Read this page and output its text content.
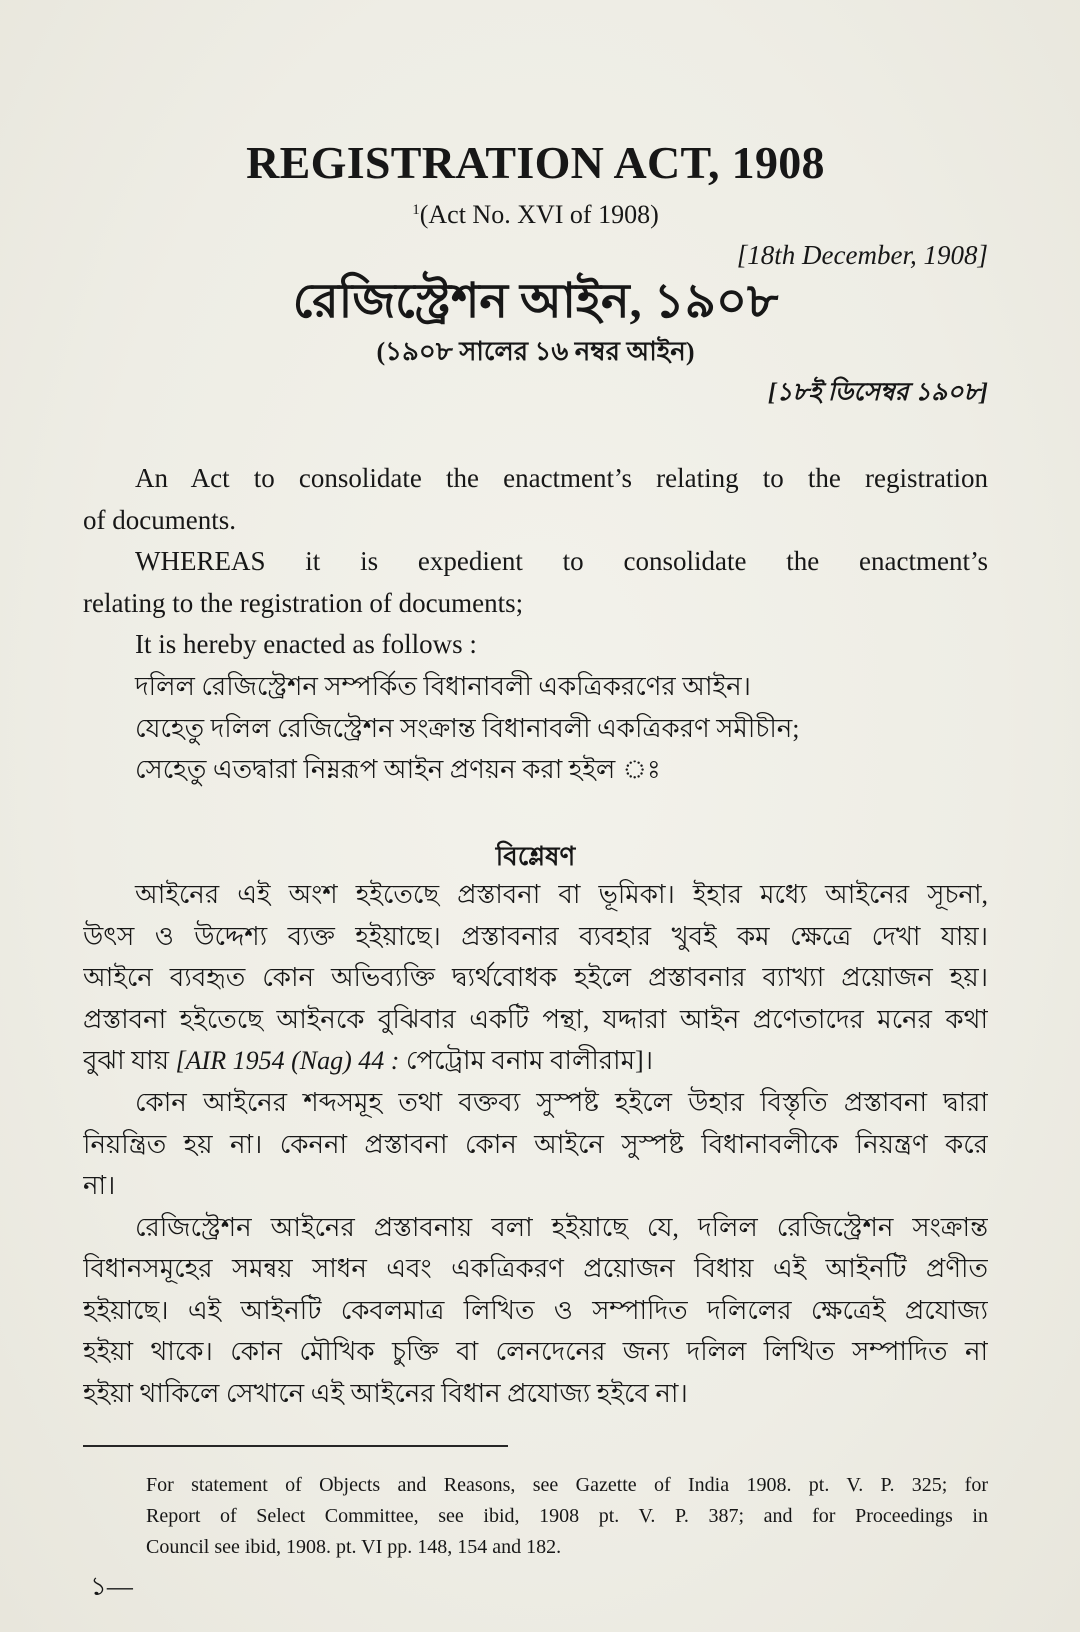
REGISTRATION ACT, 1908
$^1$(Act No. XVI of 1908)
[18th December, 1908]
রেজিস্ট্রেশন আইন, ১৯০৮
(১৯০৮ সালের ১৬ নম্বর আইন)
[১৮ই ডিসেম্বর ১৯০৮]
An Act to consolidate the enactment’s relating to the registration
of documents.
WHEREAS it is expedient to consolidate the enactment’s
relating to the registration of documents;
It is hereby enacted as follows :
দলিল রেজিস্ট্রেশন সম্পর্কিত বিধানাবলী একত্রিকরণের আইন।
যেহেতু দলিল রেজিস্ট্রেশন সংক্রান্ত বিধানাবলী একত্রিকরণ সমীচীন;
সেহেতু এতদ্বারা নিম্নরূপ আইন প্রণয়ন করা হইল ঃ
বিশ্লেষণ
আইনের এই অংশ হইতেছে প্রস্তাবনা বা ভূমিকা। ইহার মধ্যে আইনের সূচনা,
উৎস ও উদ্দেশ্য ব্যক্ত হইয়াছে। প্রস্তাবনার ব্যবহার খুবই কম ক্ষেত্রে দেখা যায়।
আইনে ব্যবহৃত কোন অভিব্যক্তি দ্ব্যর্থবোধক হইলে প্রস্তাবনার ব্যাখ্যা প্রয়োজন হয়।
প্রস্তাবনা হইতেছে আইনকে বুঝিবার একটি পন্থা, যদ্দারা আইন প্রণেতাদের মনের কথা
বুঝা যায় [AIR 1954 (Nag) 44 : পেট্রোম বনাম বালীরাম]।
কোন আইনের শব্দসমূহ তথা বক্তব্য সুস্পষ্ট হইলে উহার বিস্তৃতি প্রস্তাবনা দ্বারা
নিয়ন্ত্রিত হয় না। কেননা প্রস্তাবনা কোন আইনে সুস্পষ্ট বিধানাবলীকে নিয়ন্ত্রণ করে
না।
রেজিস্ট্রেশন আইনের প্রস্তাবনায় বলা হইয়াছে যে, দলিল রেজিস্ট্রেশন সংক্রান্ত
বিধানসমূহের সমন্বয় সাধন এবং একত্রিকরণ প্রয়োজন বিধায় এই আইনটি প্রণীত
হইয়াছে। এই আইনটি কেবলমাত্র লিখিত ও সম্পাদিত দলিলের ক্ষেত্রেই প্রযোজ্য
হইয়া থাকে। কোন মৌখিক চুক্তি বা লেনদেনের জন্য দলিল লিখিত সম্পাদিত না
হইয়া থাকিলে সেখানে এই আইনের বিধান প্রযোজ্য হইবে না।
For statement of Objects and Reasons, see Gazette of India 1908. pt. V. P. 325; for
Report of Select Committee, see ibid, 1908 pt. V. P. 387; and for Proceedings in
Council see ibid, 1908. pt. VI pp. 148, 154 and 182.
১—
